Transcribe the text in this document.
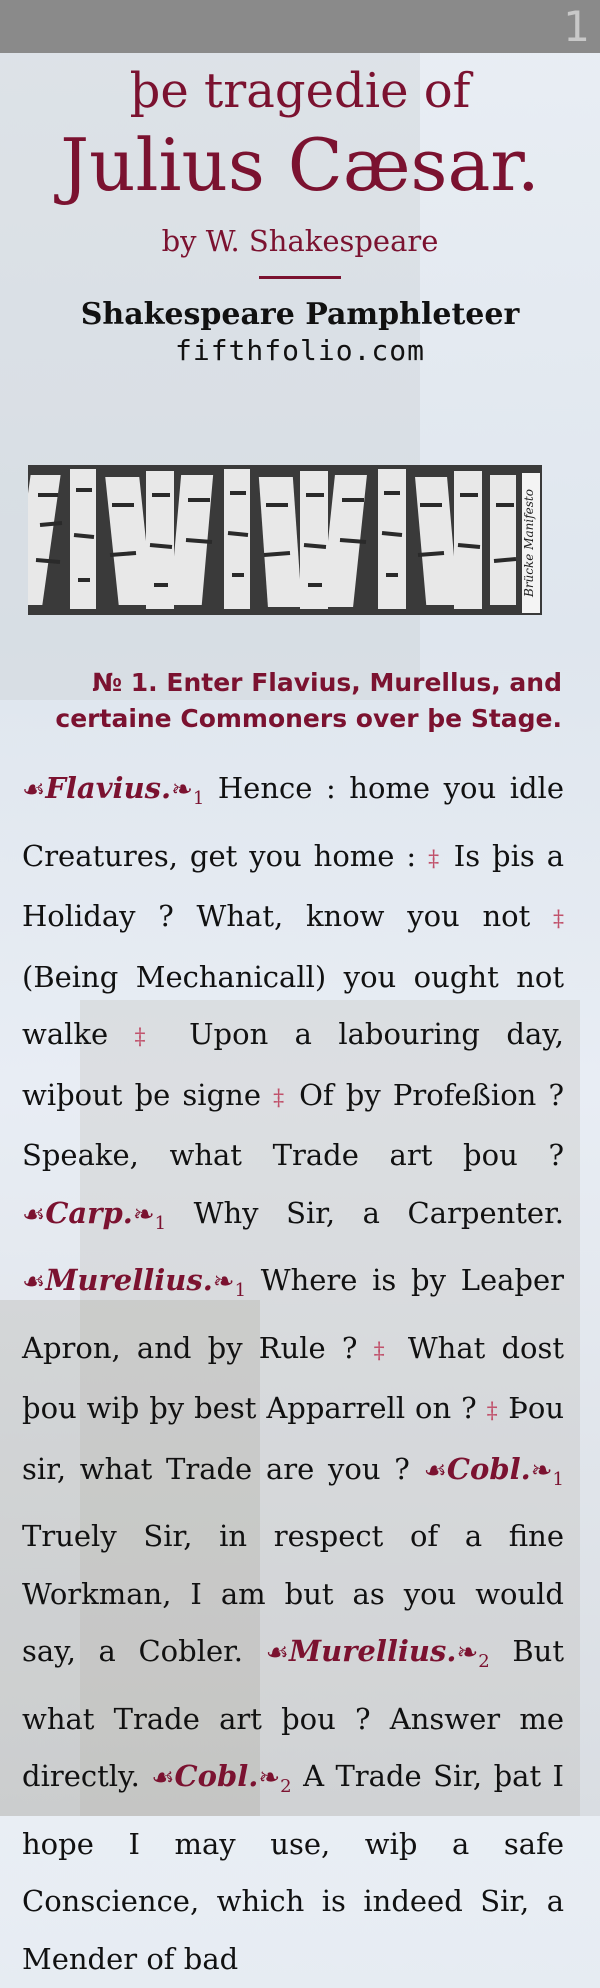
1
þe tragedie of
Julius Cæsar.
by W. Shakespeare
Shakespeare Pamphleteer
fifthfolio.com
Brücke Manifesto
№ 1. Enter Flavius, Murellus, and certaine Commoners over þe Stage.
$☙Flavius.❧_1$ Hence : home you idle Creatures, get you home : ‡ Is þis a Holiday ? What, know you not ‡ (Being Mechanicall) you ought not walke ‡ Upon a labouring day, wiþout þe signe ‡ Of þy Profeßion ? Speake, what Trade art þou ? $☙Carp.❧_1$ Why Sir, a Carpenter. $☙Murellius.❧_1$ Where is þy Leaþer Apron, and þy Rule ? ‡ What dost þou wiþ þy best Apparrell on ? ‡ Þou sir, what Trade are you ? $☙Cobl.❧_1$ Truely Sir, in respect of a fine Workman, I am but as you would say, a Cobler. $☙Murellius.❧_2$ But what Trade art þou ? Answer me directly. $☙Cobl.❧_2$ A Trade Sir, þat I hope I may use, wiþ a safe Conscience, which is indeed Sir, a Mender of bad
